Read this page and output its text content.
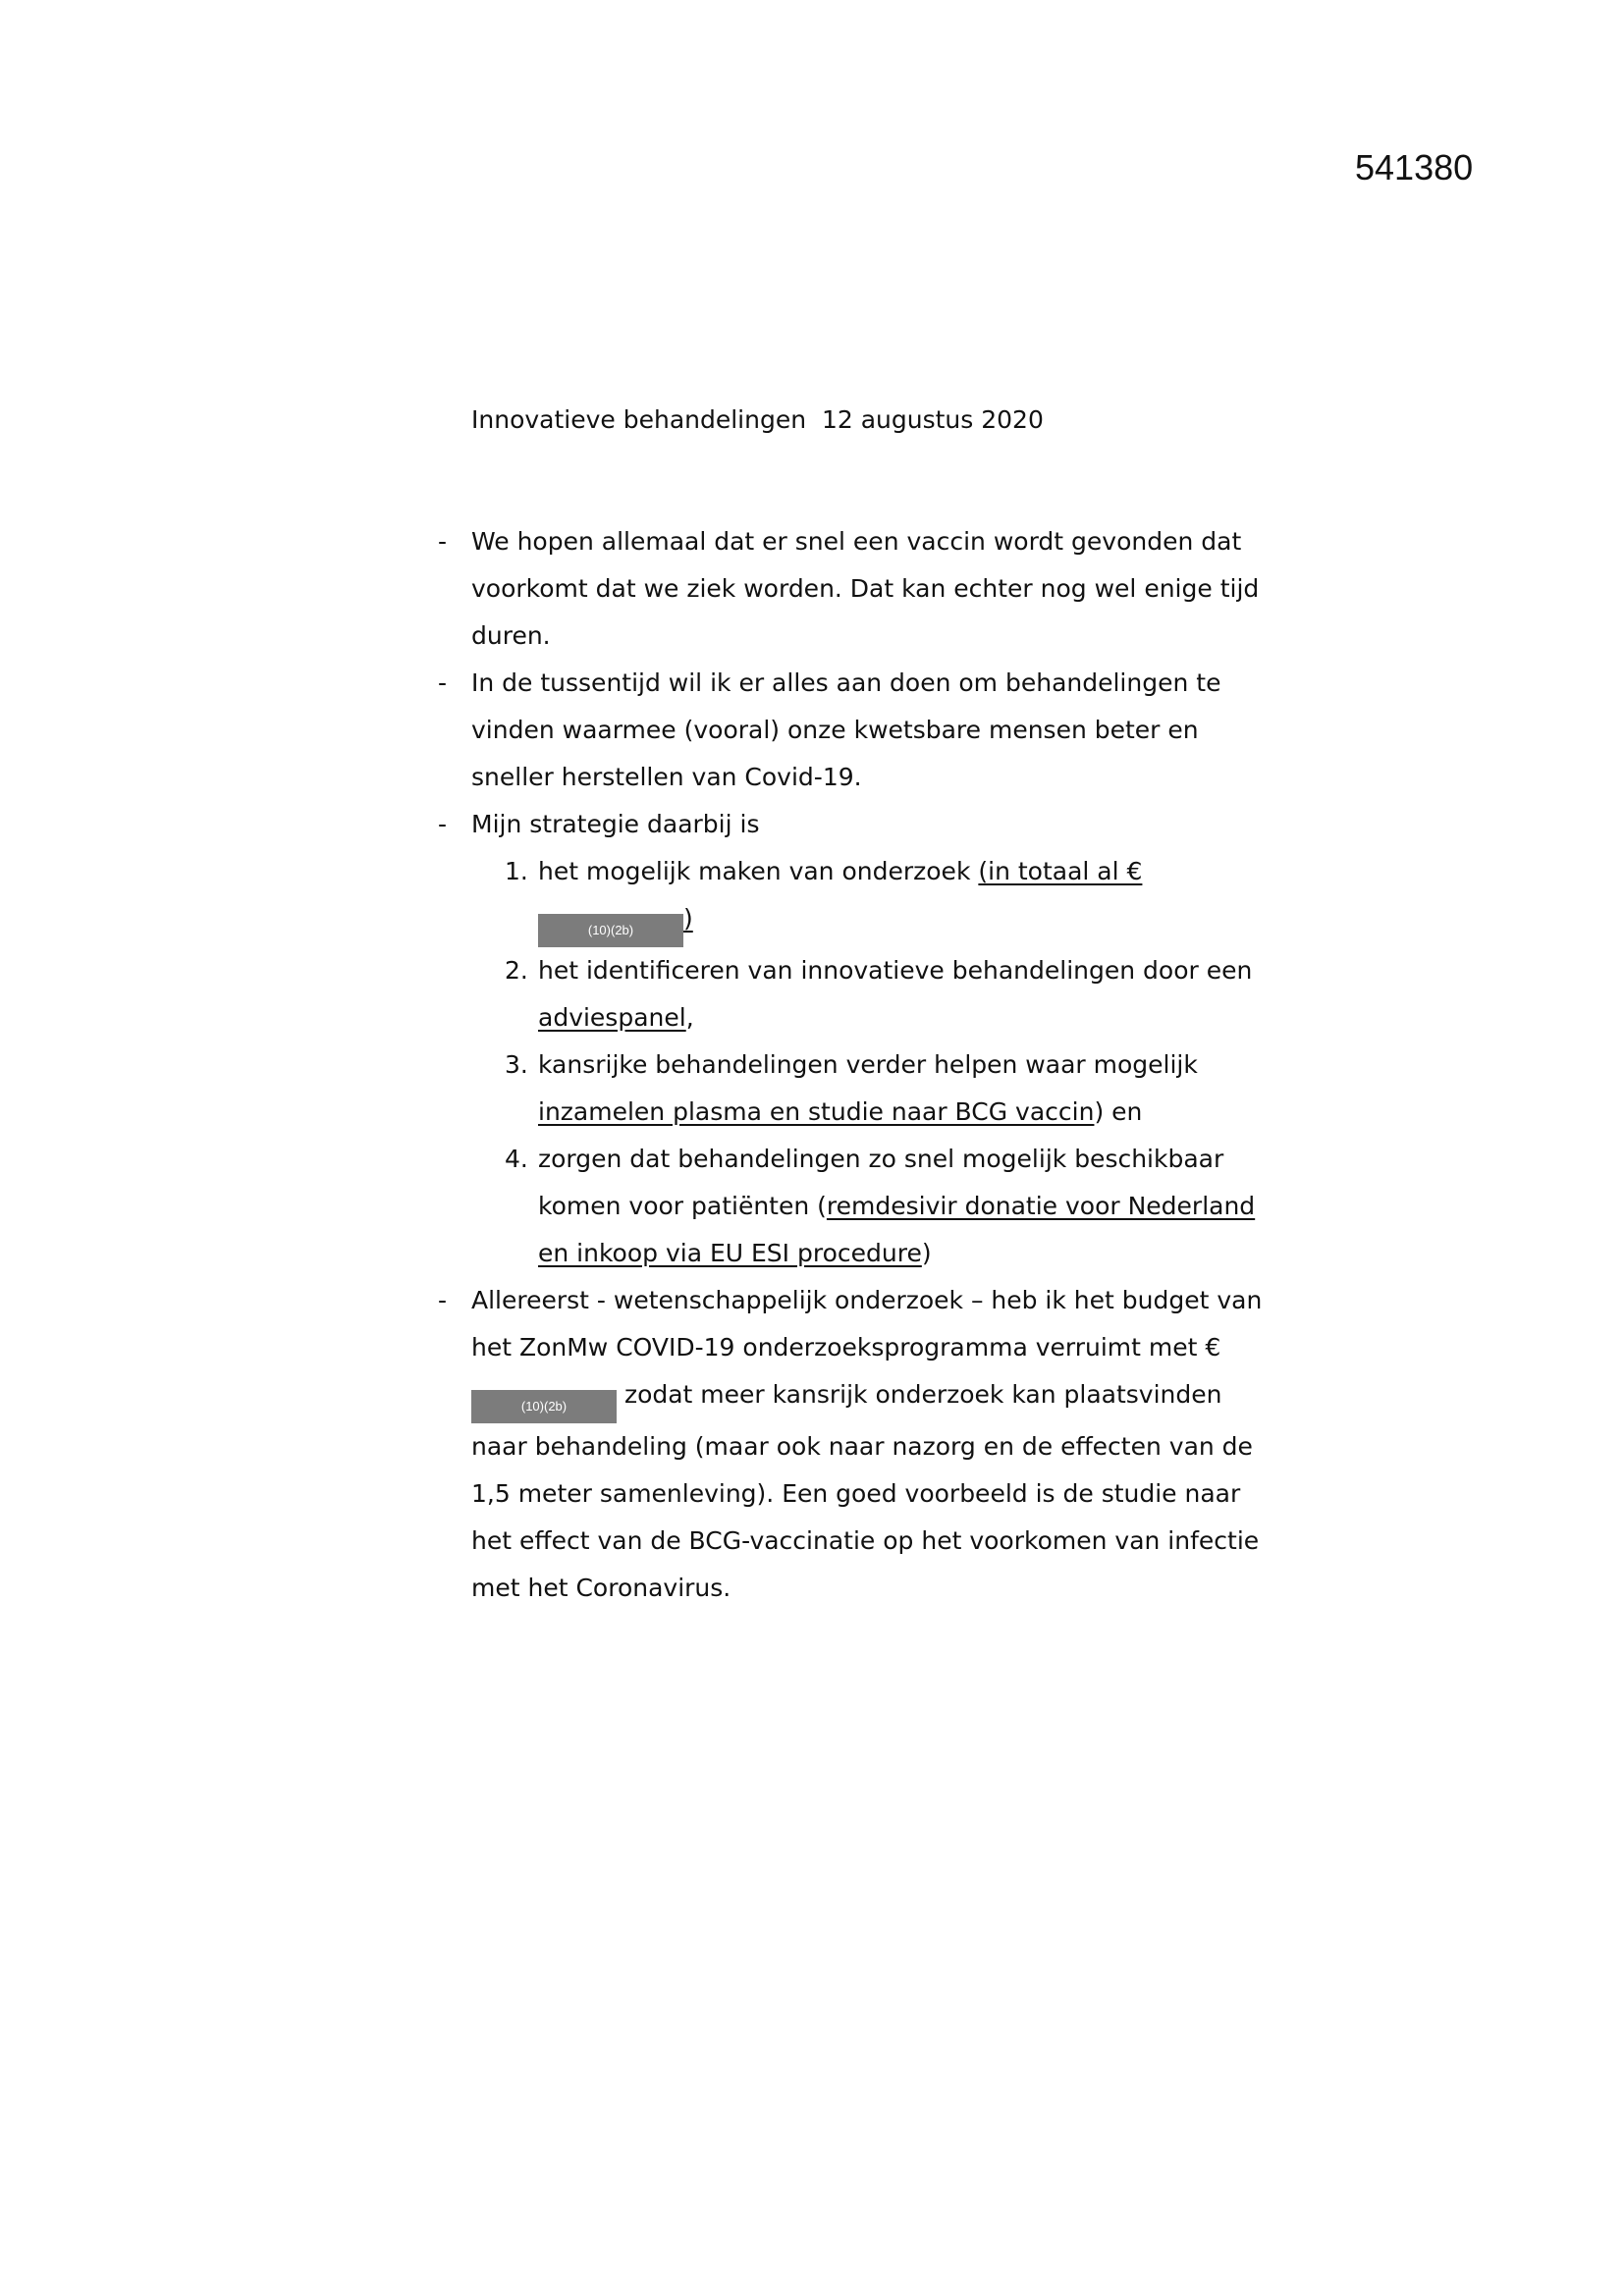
541380
Innovatieve behandelingen  12 augustus 2020
- We hopen allemaal dat er snel een vaccin wordt gevonden dat voorkomt dat we ziek worden. Dat kan echter nog wel enige tijd duren.
- In de tussentijd wil ik er alles aan doen om behandelingen te vinden waarmee (vooral) onze kwetsbare mensen beter en sneller herstellen van Covid-19.
- Mijn strategie daarbij is
1. het mogelijk maken van onderzoek (in totaal al €(10)(2b) )
2. het identificeren van innovatieve behandelingen door een adviespanel,
3. kansrijke behandelingen verder helpen waar mogelijk inzamelen plasma en studie naar BCG vaccin) en
4. zorgen dat behandelingen zo snel mogelijk beschikbaar komen voor patiënten (remdesivir donatie voor Nederland en inkoop via EU ESI procedure)
- Allereerst - wetenschappelijk onderzoek – heb ik het budget van het ZonMw COVID-19 onderzoeksprogramma verruimt met € (10)(2b) zodat meer kansrijk onderzoek kan plaatsvinden naar behandeling (maar ook naar nazorg en de effecten van de 1,5 meter samenleving). Een goed voorbeeld is de studie naar het effect van de BCG-vaccinatie op het voorkomen van infectie met het Coronavirus.
